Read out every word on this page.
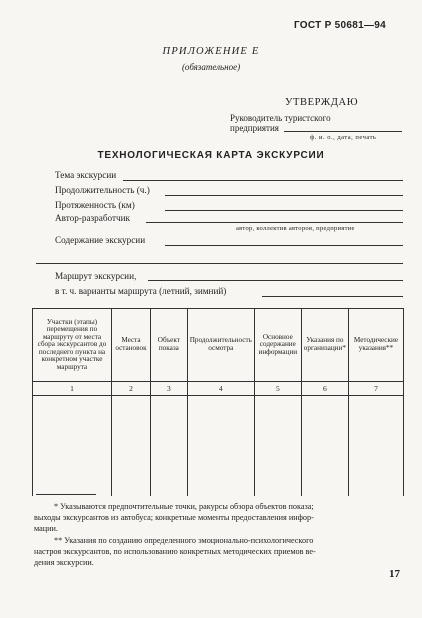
ГОСТ Р 50681—94
ПРИЛОЖЕНИЕ Е
(обязательное)
УТВЕРЖДАЮ
Руководитель туристского
предприятия
ф. и. о., дата, печать
ТЕХНОЛОГИЧЕСКАЯ КАРТА ЭКСКУРСИИ
Тема экскурсии
Продолжительность (ч.)
Протяженность (км)
Автор-разработчик
автор, коллектив авторов, предприятие
Содержание экскурсии
Маршрут экскурсии,
в т. ч. варианты маршрута (летний, зимний)
Участки (этапы) перемещения по маршруту от места сбора экскурсантов до последнего пункта на конкретном участке маршрута	Места остановок	Объект показа	Продолжительность осмотра	Основное содержание информации	Указания по организации*	Методические указания**
1	2	3	4	5	6	7

* Указываются предпочтительные точки, ракурсы обзора объектов показа;
выходы экскурсантов из автобуса; конкретные моменты предоставления инфор-
мации.
** Указания по созданию определенного эмоционально-психологического
настроя экскурсантов, по использованию конкретных методических приемов ве-
дения экскурсии.
17
